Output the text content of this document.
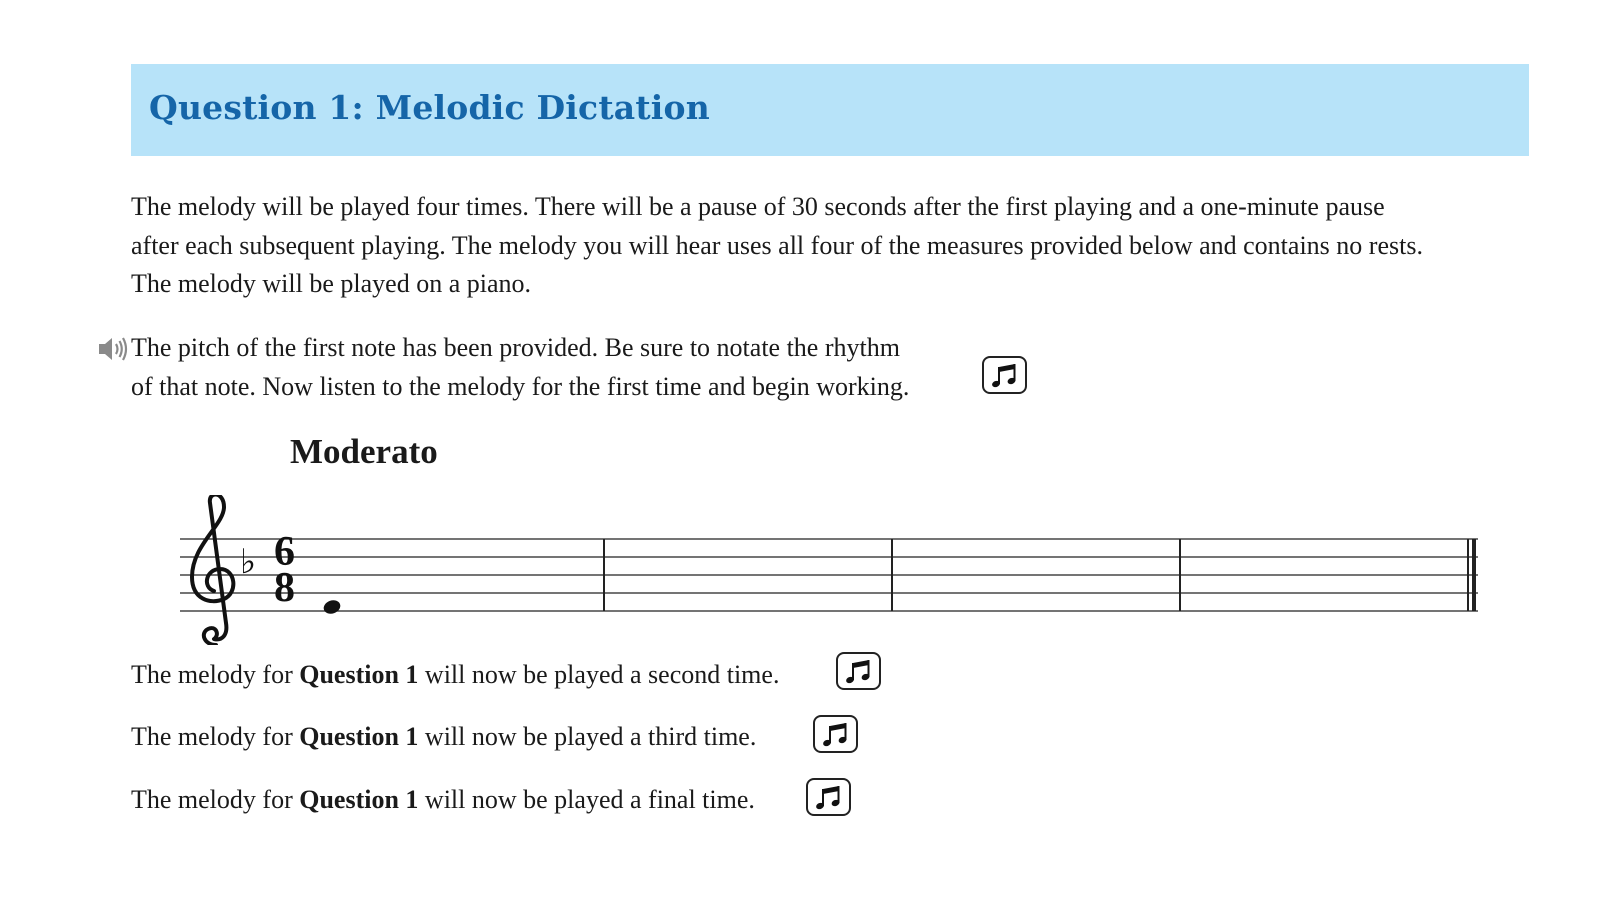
Question 1: Melodic Dictation

The melody will be played four times. There will be a pause of 30 seconds after the first playing and a one-minute pause

after each subsequent playing. The melody you will hear uses all four of the measures provided below and contains no rests.

The melody will be played on a piano.

The pitch of the first note has been provided. Be sure to notate the rhythm

of that note. Now listen to the melody for the first time and begin working.

Moderato
♭ 6
8
The melody for Question 1 will now be played a second time.
The melody for Question 1 will now be played a third time.
The melody for Question 1 will now be played a final time.
